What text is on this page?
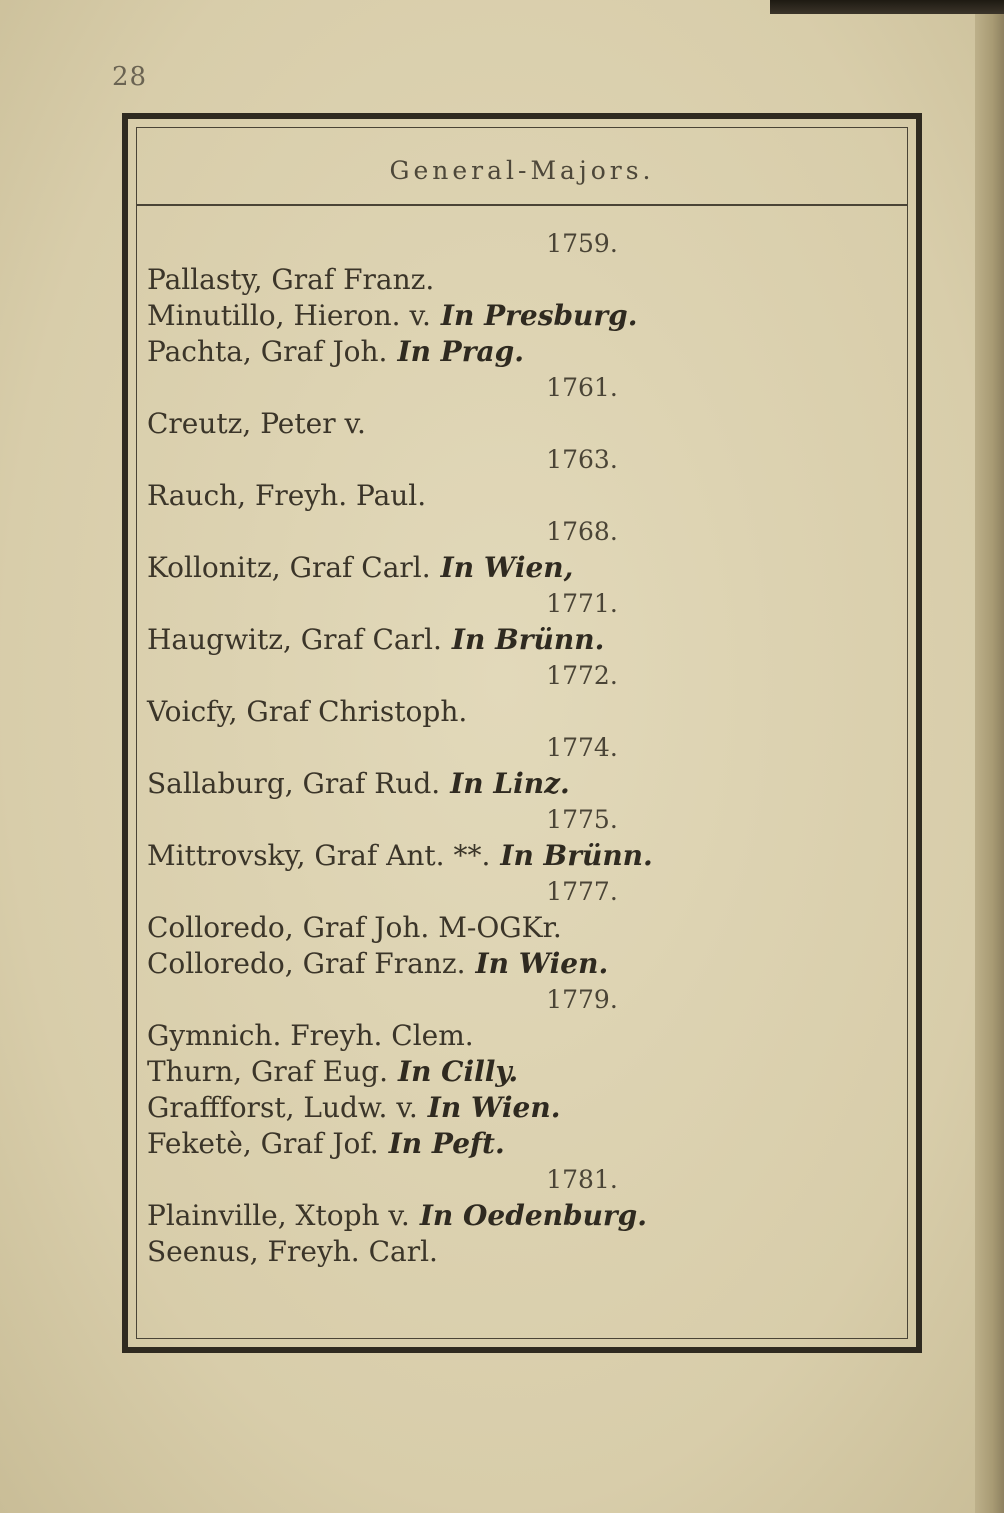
28
General-Majors.
1759.
Pallasty, Graf Franz.
Minutillo, Hieron. v. In Presburg.
Pachta, Graf Joh. In Prag.
1761.
Creutz, Peter v.
1763.
Rauch, Freyh. Paul.
1768.
Kollonitz, Graf Carl. In Wien,
1771.
Haugwitz, Graf Carl. In Brünn.
1772.
Voicfy, Graf Christoph.
1774.
Sallaburg, Graf Rud. In Linz.
1775.
Mittrovsky, Graf Ant. **. In Brünn.
1777.
Colloredo, Graf Joh. M-OGKr.
Colloredo, Graf Franz. In Wien.
1779.
Gymnich. Freyh. Clem.
Thurn, Graf Eug. In Cilly.
Graffforst, Ludw. v. In Wien.
Feketè, Graf Jof. In Peft.
1781.
Plainville, Xtoph v. In Oedenburg.
Seenus, Freyh. Carl.
